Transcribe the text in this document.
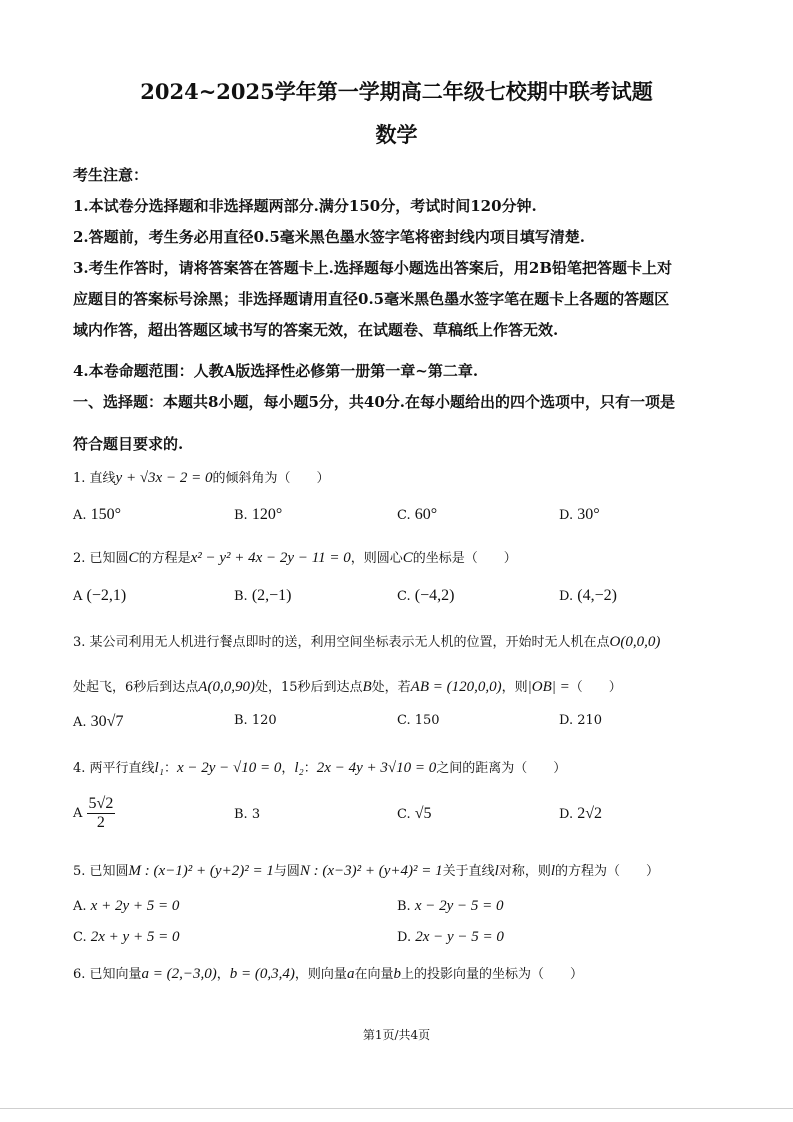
2024~2025学年第一学期高二年级七校期中联考试题
数学
考生注意：
1.本试卷分选择题和非选择题两部分.满分150分，考试时间120分钟.
2.答题前，考生务必用直径0.5毫米黑色墨水签字笔将密封线内项目填写清楚.
3.考生作答时，请将答案答在答题卡上.选择题每小题选出答案后，用2B铅笔把答题卡上对
应题目的答案标号涂黑；非选择题请用直径0.5毫米黑色墨水签字笔在题卡上各题的答题区
域内作答，超出答题区域书写的答案无效，在试题卷、草稿纸上作答无效.
4.本卷命题范围：人教A版选择性必修第一册第一章~第二章.
一、选择题：本题共8小题，每小题5分，共40分.在每小题给出的四个选项中，只有一项是
符合题目要求的.
1. 直线y + √3x − 2 = 0的倾斜角为（　　）
A. 150°	B. 120°	C. 60°	D. 30°
2. 已知圆C的方程是x² − y² + 4x − 2y − 11 = 0，则圆心C的坐标是（　　）
A (−2,1)	B. (2,−1)	C. (−4,2)	D. (4,−2)
3. 某公司利用无人机进行餐点即时的送，利用空间坐标表示无人机的位置，开始时无人机在点O(0,0,0)
处起飞，6秒后到达点A(0,0,90)处，15秒后到达点B处，若AB = (120,0,0)，则|OB| =（　　）
A. 30√7	B. 120	C. 150	D. 210
4. 两平行直线l₁：x − 2y − √10 = 0，l₂：2x − 4y + 3√10 = 0之间的距离为（　　）
A $\frac{5√2}{2}$	B. 3	C. √5	D. 2√2
5. 已知圆M : (x−1)² + (y+2)² = 1与圆N : (x−3)² + (y+4)² = 1关于直线l对称，则l的方程为（　　）
A. x + 2y + 5 = 0	B. x − 2y − 5 = 0
C. 2x + y + 5 = 0	D. 2x − y − 5 = 0
6. 已知向量a = (2,−3,0)，b = (0,3,4)，则向量a在向量b上的投影向量的坐标为（　　）
第1页/共4页
